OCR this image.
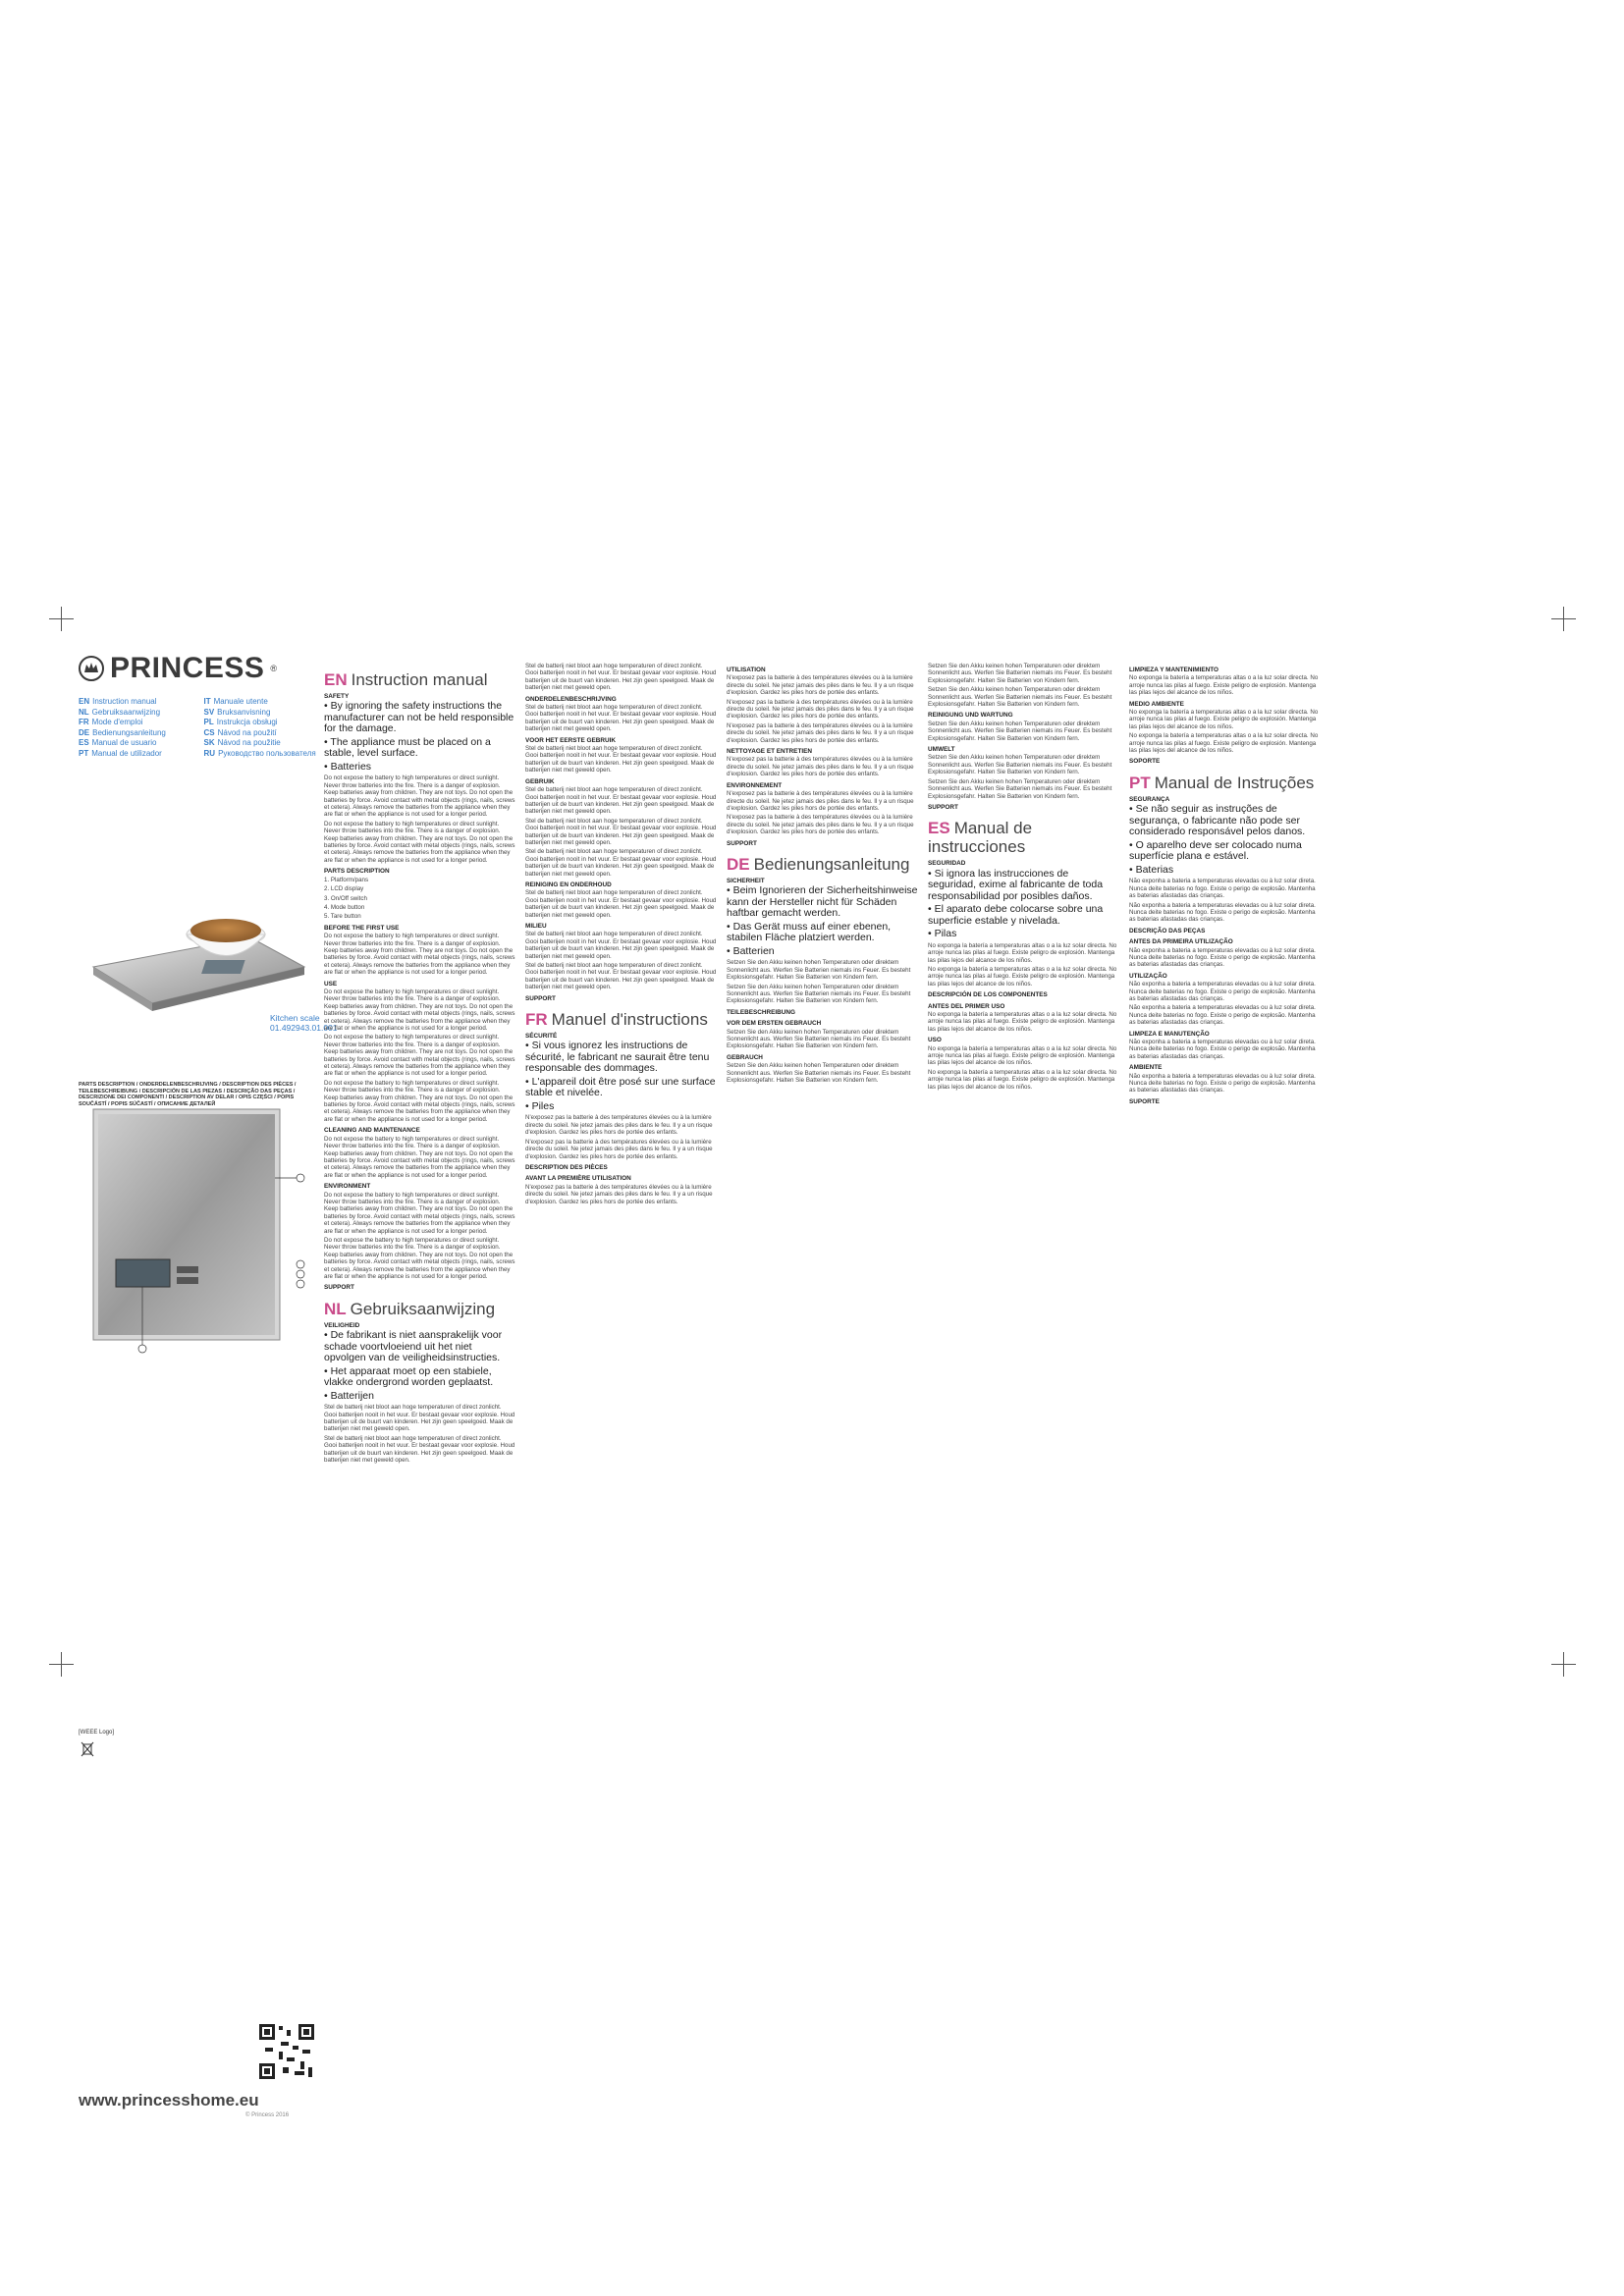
PRINCESS ®
EN Instruction manual	IT Manuale utente
NL Gebruiksaanwijzing	SV Bruksanvisning
FR Mode d'emploi	PL Instrukcja obsługi
DE Bedienungsanleitung	CS Návod na použití
ES Manual de usuario	SK Návod na použitie
PT Manual de utilizador	RU Руководство пользователя
Kitchen scale
01.492943.01.001
PARTS DESCRIPTION / ONDERDELENBESCHRIJVING / DESCRIPTION DES PIÈCES / TEILEBESCHREIBUNG / DESCRIPCIÓN DE LAS PIEZAS / DESCRIÇÃO DAS PEÇAS / DESCRIZIONE DEI COMPONENTI / DESCRIPTION AV DELAR / OPIS CZĘŚCI / POPIS SOUČÁSTÍ / POPIS SÚČASTÍ / ОПИСАНИЕ ДЕТАЛЕЙ
[WEEE Logo]
www.princesshome.eu
© Princess 2016
EN Instruction manual
SAFETY
• By ignoring the safety instructions the manufacturer can not be held responsible for the damage.
• The appliance must be placed on a stable, level surface.
• Batteries

Do not expose the battery to high temperatures or direct sunlight. Never throw batteries into the fire. There is a danger of explosion. Keep batteries away from children. They are not toys. Do not open the batteries by force. Avoid contact with metal objects (rings, nails, screws et cetera). Always remove the batteries from the appliance when they are flat or when the appliance is not used for a longer period.

Do not expose the battery to high temperatures or direct sunlight. Never throw batteries into the fire. There is a danger of explosion. Keep batteries away from children. They are not toys. Do not open the batteries by force. Avoid contact with metal objects (rings, nails, screws et cetera). Always remove the batteries from the appliance when they are flat or when the appliance is not used for a longer period.

PARTS DESCRIPTION

1. Platform/pans

2. LCD display

3. On/Off switch

4. Mode button

5. Tare button

BEFORE THE FIRST USE

Do not expose the battery to high temperatures or direct sunlight. Never throw batteries into the fire. There is a danger of explosion. Keep batteries away from children. They are not toys. Do not open the batteries by force. Avoid contact with metal objects (rings, nails, screws et cetera). Always remove the batteries from the appliance when they are flat or when the appliance is not used for a longer period.

USE

Do not expose the battery to high temperatures or direct sunlight. Never throw batteries into the fire. There is a danger of explosion. Keep batteries away from children. They are not toys. Do not open the batteries by force. Avoid contact with metal objects (rings, nails, screws et cetera). Always remove the batteries from the appliance when they are flat or when the appliance is not used for a longer period.

Do not expose the battery to high temperatures or direct sunlight. Never throw batteries into the fire. There is a danger of explosion. Keep batteries away from children. They are not toys. Do not open the batteries by force. Avoid contact with metal objects (rings, nails, screws et cetera). Always remove the batteries from the appliance when they are flat or when the appliance is not used for a longer period.

Do not expose the battery to high temperatures or direct sunlight. Never throw batteries into the fire. There is a danger of explosion. Keep batteries away from children. They are not toys. Do not open the batteries by force. Avoid contact with metal objects (rings, nails, screws et cetera). Always remove the batteries from the appliance when they are flat or when the appliance is not used for a longer period.

CLEANING AND MAINTENANCE

Do not expose the battery to high temperatures or direct sunlight. Never throw batteries into the fire. There is a danger of explosion. Keep batteries away from children. They are not toys. Do not open the batteries by force. Avoid contact with metal objects (rings, nails, screws et cetera). Always remove the batteries from the appliance when they are flat or when the appliance is not used for a longer period.

ENVIRONMENT

Do not expose the battery to high temperatures or direct sunlight. Never throw batteries into the fire. There is a danger of explosion. Keep batteries away from children. They are not toys. Do not open the batteries by force. Avoid contact with metal objects (rings, nails, screws et cetera). Always remove the batteries from the appliance when they are flat or when the appliance is not used for a longer period.

Do not expose the battery to high temperatures or direct sunlight. Never throw batteries into the fire. There is a danger of explosion. Keep batteries away from children. They are not toys. Do not open the batteries by force. Avoid contact with metal objects (rings, nails, screws et cetera). Always remove the batteries from the appliance when they are flat or when the appliance is not used for a longer period.

SUPPORT
NL Gebruiksaanwijzing
VEILIGHEID
• De fabrikant is niet aansprakelijk voor schade voortvloeiend uit het niet opvolgen van de veiligheidsinstructies.
• Het apparaat moet op een stabiele, vlakke ondergrond worden geplaatst.
• Batterijen

Stel de batterij niet bloot aan hoge temperaturen of direct zonlicht. Gooi batterijen nooit in het vuur. Er bestaat gevaar voor explosie. Houd batterijen uit de buurt van kinderen. Het zijn geen speelgoed. Maak de batterijen niet met geweld open.

Stel de batterij niet bloot aan hoge temperaturen of direct zonlicht. Gooi batterijen nooit in het vuur. Er bestaat gevaar voor explosie. Houd batterijen uit de buurt van kinderen. Het zijn geen speelgoed. Maak de batterijen niet met geweld open.

Stel de batterij niet bloot aan hoge temperaturen of direct zonlicht. Gooi batterijen nooit in het vuur. Er bestaat gevaar voor explosie. Houd batterijen uit de buurt van kinderen. Het zijn geen speelgoed. Maak de batterijen niet met geweld open.

ONDERDELENBESCHRIJVING

Stel de batterij niet bloot aan hoge temperaturen of direct zonlicht. Gooi batterijen nooit in het vuur. Er bestaat gevaar voor explosie. Houd batterijen uit de buurt van kinderen. Het zijn geen speelgoed. Maak de batterijen niet met geweld open.

VOOR HET EERSTE GEBRUIK

Stel de batterij niet bloot aan hoge temperaturen of direct zonlicht. Gooi batterijen nooit in het vuur. Er bestaat gevaar voor explosie. Houd batterijen uit de buurt van kinderen. Het zijn geen speelgoed. Maak de batterijen niet met geweld open.

GEBRUIK

Stel de batterij niet bloot aan hoge temperaturen of direct zonlicht. Gooi batterijen nooit in het vuur. Er bestaat gevaar voor explosie. Houd batterijen uit de buurt van kinderen. Het zijn geen speelgoed. Maak de batterijen niet met geweld open.

Stel de batterij niet bloot aan hoge temperaturen of direct zonlicht. Gooi batterijen nooit in het vuur. Er bestaat gevaar voor explosie. Houd batterijen uit de buurt van kinderen. Het zijn geen speelgoed. Maak de batterijen niet met geweld open.

Stel de batterij niet bloot aan hoge temperaturen of direct zonlicht. Gooi batterijen nooit in het vuur. Er bestaat gevaar voor explosie. Houd batterijen uit de buurt van kinderen. Het zijn geen speelgoed. Maak de batterijen niet met geweld open.

REINIGING EN ONDERHOUD

Stel de batterij niet bloot aan hoge temperaturen of direct zonlicht. Gooi batterijen nooit in het vuur. Er bestaat gevaar voor explosie. Houd batterijen uit de buurt van kinderen. Het zijn geen speelgoed. Maak de batterijen niet met geweld open.

MILIEU

Stel de batterij niet bloot aan hoge temperaturen of direct zonlicht. Gooi batterijen nooit in het vuur. Er bestaat gevaar voor explosie. Houd batterijen uit de buurt van kinderen. Het zijn geen speelgoed. Maak de batterijen niet met geweld open.

Stel de batterij niet bloot aan hoge temperaturen of direct zonlicht. Gooi batterijen nooit in het vuur. Er bestaat gevaar voor explosie. Houd batterijen uit de buurt van kinderen. Het zijn geen speelgoed. Maak de batterijen niet met geweld open.

SUPPORT
FR Manuel d'instructions
SÉCURITÉ
• Si vous ignorez les instructions de sécurité, le fabricant ne saurait être tenu responsable des dommages.
• L'appareil doit être posé sur une surface stable et nivelée.
• Piles

N'exposez pas la batterie à des températures élevées ou à la lumière directe du soleil. Ne jetez jamais des piles dans le feu. Il y a un risque d'explosion. Gardez les piles hors de portée des enfants.

N'exposez pas la batterie à des températures élevées ou à la lumière directe du soleil. Ne jetez jamais des piles dans le feu. Il y a un risque d'explosion. Gardez les piles hors de portée des enfants.

DESCRIPTION DES PIÈCES
AVANT LA PREMIÈRE UTILISATION

N'exposez pas la batterie à des températures élevées ou à la lumière directe du soleil. Ne jetez jamais des piles dans le feu. Il y a un risque d'explosion. Gardez les piles hors de portée des enfants.

UTILISATION

N'exposez pas la batterie à des températures élevées ou à la lumière directe du soleil. Ne jetez jamais des piles dans le feu. Il y a un risque d'explosion. Gardez les piles hors de portée des enfants.

N'exposez pas la batterie à des températures élevées ou à la lumière directe du soleil. Ne jetez jamais des piles dans le feu. Il y a un risque d'explosion. Gardez les piles hors de portée des enfants.

N'exposez pas la batterie à des températures élevées ou à la lumière directe du soleil. Ne jetez jamais des piles dans le feu. Il y a un risque d'explosion. Gardez les piles hors de portée des enfants.

NETTOYAGE ET ENTRETIEN

N'exposez pas la batterie à des températures élevées ou à la lumière directe du soleil. Ne jetez jamais des piles dans le feu. Il y a un risque d'explosion. Gardez les piles hors de portée des enfants.

ENVIRONNEMENT

N'exposez pas la batterie à des températures élevées ou à la lumière directe du soleil. Ne jetez jamais des piles dans le feu. Il y a un risque d'explosion. Gardez les piles hors de portée des enfants.

N'exposez pas la batterie à des températures élevées ou à la lumière directe du soleil. Ne jetez jamais des piles dans le feu. Il y a un risque d'explosion. Gardez les piles hors de portée des enfants.

SUPPORT
DE Bedienungsanleitung
SICHERHEIT
• Beim Ignorieren der Sicherheitshinweise kann der Hersteller nicht für Schäden haftbar gemacht werden.
• Das Gerät muss auf einer ebenen, stabilen Fläche platziert werden.
• Batterien

Setzen Sie den Akku keinen hohen Temperaturen oder direktem Sonnenlicht aus. Werfen Sie Batterien niemals ins Feuer. Es besteht Explosionsgefahr. Halten Sie Batterien von Kindern fern.

Setzen Sie den Akku keinen hohen Temperaturen oder direktem Sonnenlicht aus. Werfen Sie Batterien niemals ins Feuer. Es besteht Explosionsgefahr. Halten Sie Batterien von Kindern fern.

TEILEBESCHREIBUNG
VOR DEM ERSTEN GEBRAUCH

Setzen Sie den Akku keinen hohen Temperaturen oder direktem Sonnenlicht aus. Werfen Sie Batterien niemals ins Feuer. Es besteht Explosionsgefahr. Halten Sie Batterien von Kindern fern.

GEBRAUCH

Setzen Sie den Akku keinen hohen Temperaturen oder direktem Sonnenlicht aus. Werfen Sie Batterien niemals ins Feuer. Es besteht Explosionsgefahr. Halten Sie Batterien von Kindern fern.

Setzen Sie den Akku keinen hohen Temperaturen oder direktem Sonnenlicht aus. Werfen Sie Batterien niemals ins Feuer. Es besteht Explosionsgefahr. Halten Sie Batterien von Kindern fern.

Setzen Sie den Akku keinen hohen Temperaturen oder direktem Sonnenlicht aus. Werfen Sie Batterien niemals ins Feuer. Es besteht Explosionsgefahr. Halten Sie Batterien von Kindern fern.

REINIGUNG UND WARTUNG

Setzen Sie den Akku keinen hohen Temperaturen oder direktem Sonnenlicht aus. Werfen Sie Batterien niemals ins Feuer. Es besteht Explosionsgefahr. Halten Sie Batterien von Kindern fern.

UMWELT

Setzen Sie den Akku keinen hohen Temperaturen oder direktem Sonnenlicht aus. Werfen Sie Batterien niemals ins Feuer. Es besteht Explosionsgefahr. Halten Sie Batterien von Kindern fern.

Setzen Sie den Akku keinen hohen Temperaturen oder direktem Sonnenlicht aus. Werfen Sie Batterien niemals ins Feuer. Es besteht Explosionsgefahr. Halten Sie Batterien von Kindern fern.

SUPPORT
ES Manual de instrucciones
SEGURIDAD
• Si ignora las instrucciones de seguridad, exime al fabricante de toda responsabilidad por posibles daños.
• El aparato debe colocarse sobre una superficie estable y nivelada.
• Pilas

No exponga la batería a temperaturas altas o a la luz solar directa. No arroje nunca las pilas al fuego. Existe peligro de explosión. Mantenga las pilas lejos del alcance de los niños.

No exponga la batería a temperaturas altas o a la luz solar directa. No arroje nunca las pilas al fuego. Existe peligro de explosión. Mantenga las pilas lejos del alcance de los niños.

DESCRIPCIÓN DE LOS COMPONENTES
ANTES DEL PRIMER USO

No exponga la batería a temperaturas altas o a la luz solar directa. No arroje nunca las pilas al fuego. Existe peligro de explosión. Mantenga las pilas lejos del alcance de los niños.

USO

No exponga la batería a temperaturas altas o a la luz solar directa. No arroje nunca las pilas al fuego. Existe peligro de explosión. Mantenga las pilas lejos del alcance de los niños.

No exponga la batería a temperaturas altas o a la luz solar directa. No arroje nunca las pilas al fuego. Existe peligro de explosión. Mantenga las pilas lejos del alcance de los niños.

LIMPIEZA Y MANTENIMIENTO

No exponga la batería a temperaturas altas o a la luz solar directa. No arroje nunca las pilas al fuego. Existe peligro de explosión. Mantenga las pilas lejos del alcance de los niños.

MEDIO AMBIENTE

No exponga la batería a temperaturas altas o a la luz solar directa. No arroje nunca las pilas al fuego. Existe peligro de explosión. Mantenga las pilas lejos del alcance de los niños.

No exponga la batería a temperaturas altas o a la luz solar directa. No arroje nunca las pilas al fuego. Existe peligro de explosión. Mantenga las pilas lejos del alcance de los niños.

SOPORTE
PT Manual de Instruções
SEGURANÇA
• Se não seguir as instruções de segurança, o fabricante não pode ser considerado responsável pelos danos.
• O aparelho deve ser colocado numa superfície plana e estável.
• Baterias

Não exponha a bateria a temperaturas elevadas ou à luz solar direta. Nunca deite baterias no fogo. Existe o perigo de explosão. Mantenha as baterias afastadas das crianças.

Não exponha a bateria a temperaturas elevadas ou à luz solar direta. Nunca deite baterias no fogo. Existe o perigo de explosão. Mantenha as baterias afastadas das crianças.

DESCRIÇÃO DAS PEÇAS
ANTES DA PRIMEIRA UTILIZAÇÃO

Não exponha a bateria a temperaturas elevadas ou à luz solar direta. Nunca deite baterias no fogo. Existe o perigo de explosão. Mantenha as baterias afastadas das crianças.

UTILIZAÇÃO

Não exponha a bateria a temperaturas elevadas ou à luz solar direta. Nunca deite baterias no fogo. Existe o perigo de explosão. Mantenha as baterias afastadas das crianças.

Não exponha a bateria a temperaturas elevadas ou à luz solar direta. Nunca deite baterias no fogo. Existe o perigo de explosão. Mantenha as baterias afastadas das crianças.

LIMPEZA E MANUTENÇÃO

Não exponha a bateria a temperaturas elevadas ou à luz solar direta. Nunca deite baterias no fogo. Existe o perigo de explosão. Mantenha as baterias afastadas das crianças.

AMBIENTE

Não exponha a bateria a temperaturas elevadas ou à luz solar direta. Nunca deite baterias no fogo. Existe o perigo de explosão. Mantenha as baterias afastadas das crianças.

SUPORTE
